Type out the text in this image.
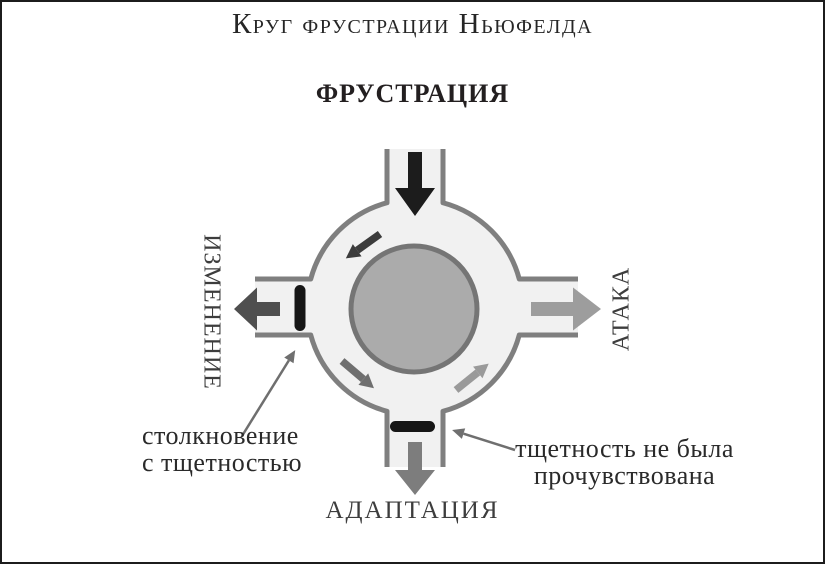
Круг фрустрации Ньюфелда
ФРУСТРАЦИЯ
ИЗМЕНЕНИЕ	АТАКА
АДАПТАЦИЯ
столкновение
с тщетностью	тщетность не была
прочувствована
